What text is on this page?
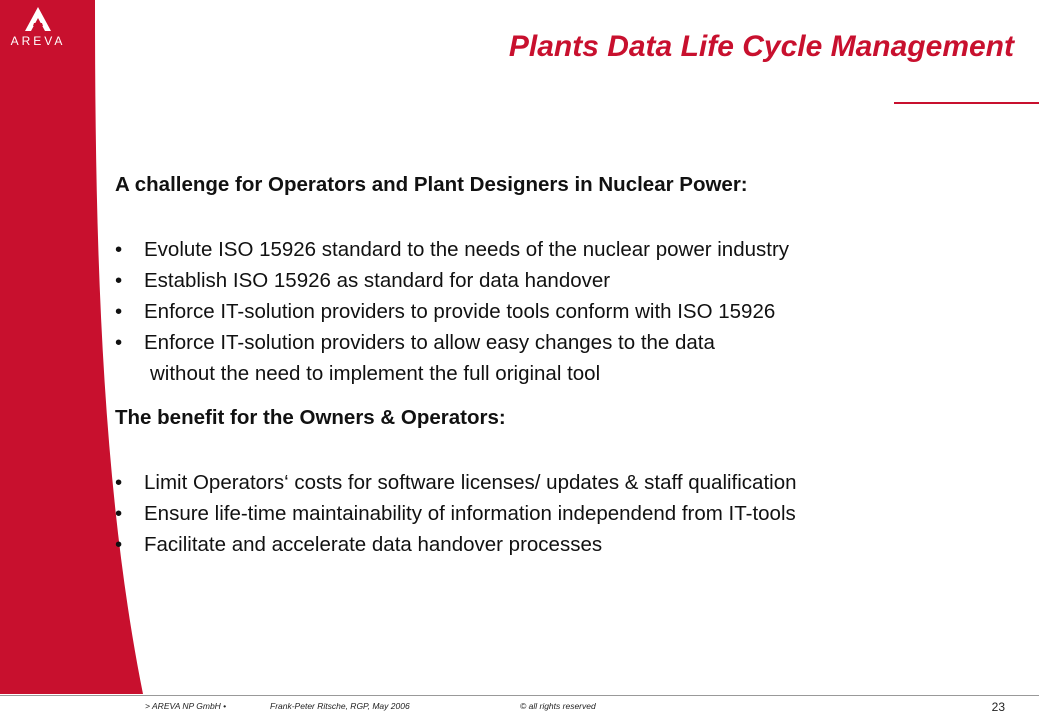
AREVA	Plants Data Life Cycle Management

A challenge for Operators and Plant Designers in Nuclear Power:

• Evolute ISO 15926 standard to the needs of the nuclear power industry
• Establish ISO 15926 as standard for data handover
• Enforce IT-solution providers to provide tools conform with ISO 15926
• Enforce IT-solution providers to allow easy changes to the data
without the need to implement the full original tool

The benefit for the Owners & Operators:

• Limit Operators‘ costs for software licenses/ updates & staff qualification
• Ensure life-time maintainability of information independend from IT-tools
• Facilitate and accelerate data handover processes
> AREVA NP GmbH •	Frank-Peter Ritsche, RGP, May 2006	© all rights reserved	23
